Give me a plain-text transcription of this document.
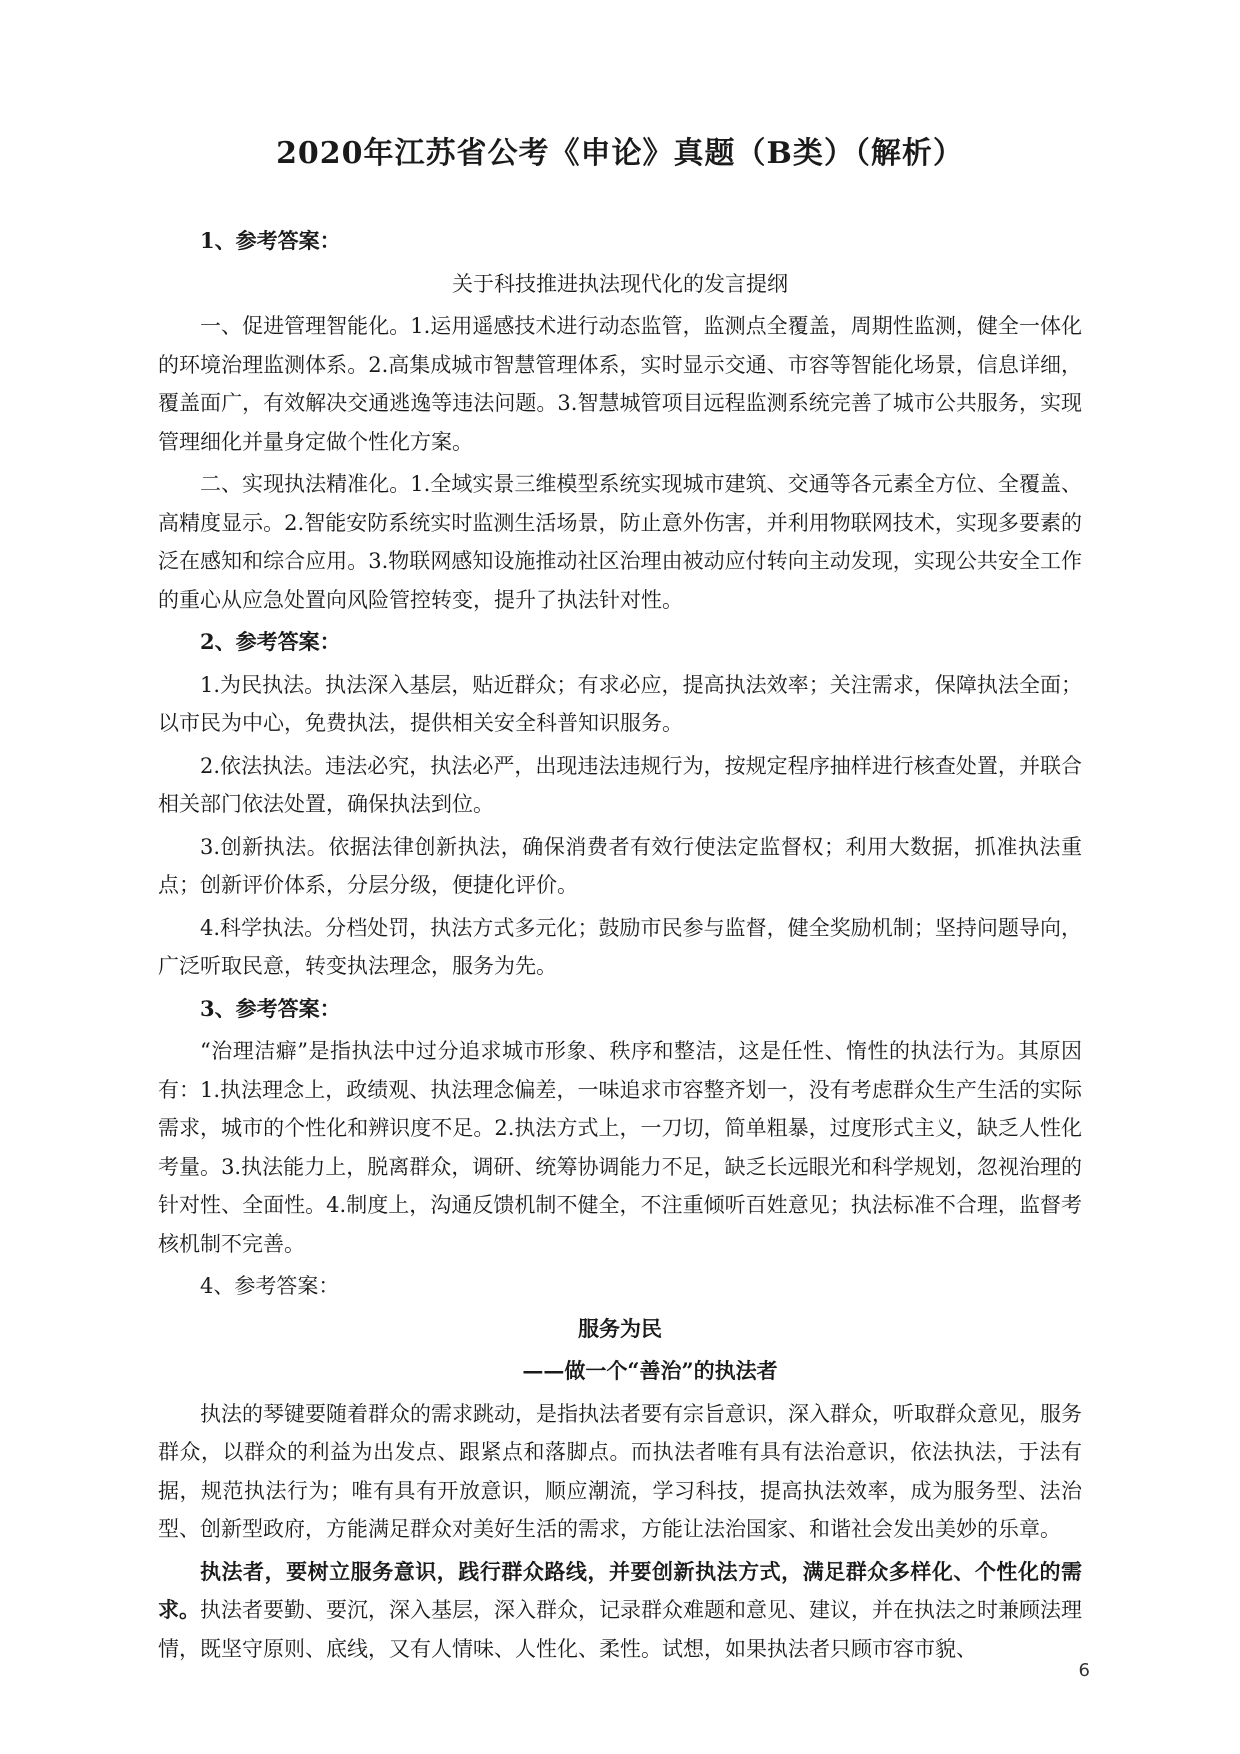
2020年江苏省公考《申论》真题（B类）（解析）

1、参考答案：

关于科技推进执法现代化的发言提纲

一、促进管理智能化。1.运用遥感技术进行动态监管，监测点全覆盖，周期性监测，健全一体化的环境治理监测体系。2.高集成城市智慧管理体系，实时显示交通、市容等智能化场景，信息详细，覆盖面广，有效解决交通逃逸等违法问题。3.智慧城管项目远程监测系统完善了城市公共服务，实现管理细化并量身定做个性化方案。

二、实现执法精准化。1.全域实景三维模型系统实现城市建筑、交通等各元素全方位、全覆盖、高精度显示。2.智能安防系统实时监测生活场景，防止意外伤害，并利用物联网技术，实现多要素的泛在感知和综合应用。3.物联网感知设施推动社区治理由被动应付转向主动发现，实现公共安全工作的重心从应急处置向风险管控转变，提升了执法针对性。

2、参考答案：

1.为民执法。执法深入基层，贴近群众；有求必应，提高执法效率；关注需求，保障执法全面；以市民为中心，免费执法，提供相关安全科普知识服务。

2.依法执法。违法必究，执法必严，出现违法违规行为，按规定程序抽样进行核查处置，并联合相关部门依法处置，确保执法到位。

3.创新执法。依据法律创新执法，确保消费者有效行使法定监督权；利用大数据，抓准执法重点；创新评价体系，分层分级，便捷化评价。

4.科学执法。分档处罚，执法方式多元化；鼓励市民参与监督，健全奖励机制；坚持问题导向，广泛听取民意，转变执法理念，服务为先。

3、参考答案：

“治理洁癖”是指执法中过分追求城市形象、秩序和整洁，这是任性、惰性的执法行为。其原因有：1.执法理念上，政绩观、执法理念偏差，一味追求市容整齐划一，没有考虑群众生产生活的实际需求，城市的个性化和辨识度不足。2.执法方式上，一刀切，简单粗暴，过度形式主义，缺乏人性化考量。3.执法能力上，脱离群众，调研、统筹协调能力不足，缺乏长远眼光和科学规划，忽视治理的针对性、全面性。4.制度上，沟通反馈机制不健全，不注重倾听百姓意见；执法标准不合理，监督考核机制不完善。

4、参考答案：

服务为民

——做一个“善治”的执法者

执法的琴键要随着群众的需求跳动，是指执法者要有宗旨意识，深入群众，听取群众意见，服务群众，以群众的利益为出发点、跟紧点和落脚点。而执法者唯有具有法治意识，依法执法，于法有据，规范执法行为；唯有具有开放意识，顺应潮流，学习科技，提高执法效率，成为服务型、法治型、创新型政府，方能满足群众对美好生活的需求，方能让法治国家、和谐社会发出美妙的乐章。

执法者，要树立服务意识，践行群众路线，并要创新执法方式，满足群众多样化、个性化的需求。执法者要勤、要沉，深入基层，深入群众，记录群众难题和意见、建议，并在执法之时兼顾法理情，既坚守原则、底线，又有人情味、人性化、柔性。试想，如果执法者只顾市容市貌、

6
